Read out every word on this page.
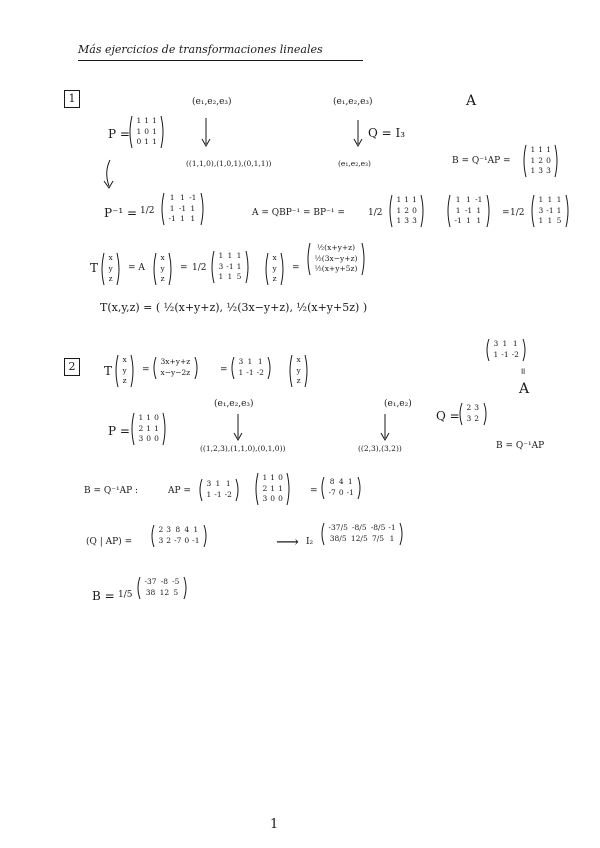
Más ejercicios de transformaciones lineales
1	(e₁,e₂,e₃)	(e₁,e₂,e₃)	A
P =
1 1 1
1 0 1
0 1 1
Q = I₃
((1,1,0),(1,0,1),(0,1,1))	(e₁,e₂,e₃)	B = Q⁻¹AP =
1 1 1
1 2 0
1 3 3
P⁻¹ = 1/2
1 1 -1
1 -1 1
-1 1 1
A = QBP⁻¹ = BP⁻¹ =	1/2
1 1 1
1 2 0
1 3 3
1 1 -1
1 -1 1
-1 1 1
= 1/2
1 1 1
3 -1 1
1 1 5
T
x
y
z
= A
x
y
z
= 1/2
1 1 1
3 -1 1
1 1 5
x
y
z
=
½(x+y+z)
½(3x−y+z)
½(x+y+5z)
T(x,y,z) = ( ½(x+y+z), ½(3x−y+z), ½(x+y+5z) )
2	T
x
y
z
=
3x+y+z
x−y−2z	=
3 1 1
1 -1 -2
x
y
z
3 1 1
1 -1 -2
॥
A
(e₁,e₂,e₃)	(e₁,e₂)
P =
1 1 0
2 1 1
3 0 0
Q =
2 3
3 2
((1,2,3),(1,1,0),(0,1,0))	((2,3),(3,2))	B = Q⁻¹AP
B = Q⁻¹AP :	AP =
3 1 1
1 -1 -2
1 1 0
2 1 1
3 0 0
=
8 4 1
-7 0 -1
(Q | AP) =
2 3 8 4 1
3 2 -7 0 -1	⟶ I₂
-37/5 -8/5 -8/5 -1
38/5 12/5 7/5 1
B = 1/5
-37 -8 -5
38 12 5
1
